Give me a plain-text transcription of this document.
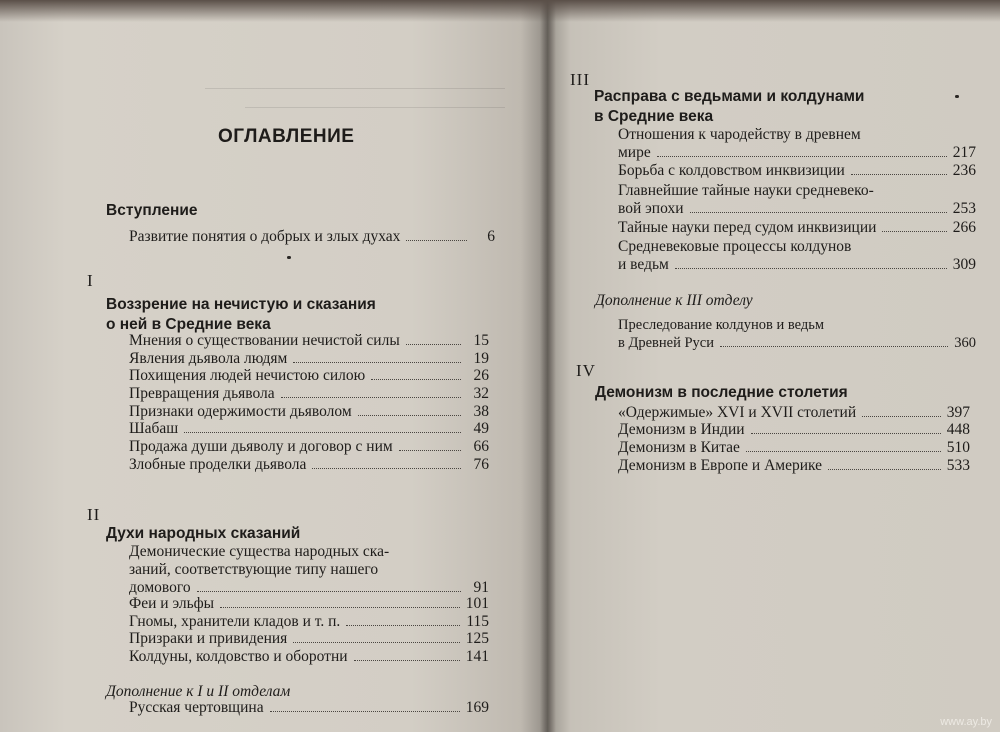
ОГЛАВЛЕНИЕ
Вступление
Развитие понятия о добрых и злых духах	6
I
Воззрение на нечистую и сказания
о ней в Средние века
Мнения о существовании нечистой силы	15
Явления дьявола людям	19
Похищения людей нечистою силою	26
Превращения дьявола	32
Признаки одержимости дьяволом	38
Шабаш	49
Продажа души дьяволу и договор с ним	66
Злобные проделки дьявола	76
II
Духи народных сказаний
Демонические существа народных ска-
заний, соответствующие типу нашего
домового	91
Феи и эльфы	101
Гномы, хранители кладов и т. п.	115
Призраки и привидения	125
Колдуны, колдовство и оборотни	141
Дополнение к I и II отделам
Русская чертовщина	169
III
Расправа с ведьмами и колдунами
в Средние века
Отношения к чародейству в древнем
мире	217
Борьба с колдовством инквизиции	236
Главнейшие тайные науки средневеко-
вой эпохи	253
Тайные науки перед судом инквизиции	266
Средневековые процессы колдунов
и ведьм	309
Дополнение к III отделу
Преследование колдунов и ведьм
в Древней Руси	360
IV
Демонизм в последние столетия
«Одержимые» XVI и XVII столетий	397
Демонизм в Индии	448
Демонизм в Китае	510
Демонизм в Европе и Америке	533
www.ay.by
